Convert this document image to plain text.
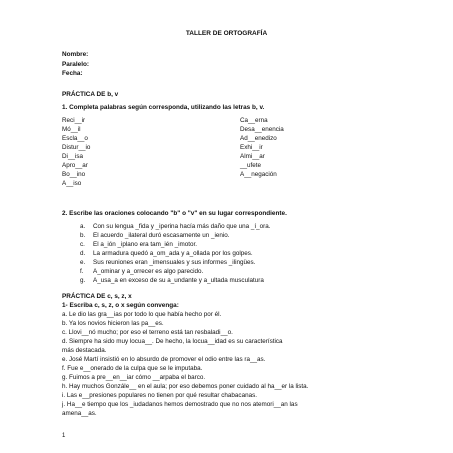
TALLER DE ORTOGRAFÍA
Nombre:
Paralelo:
Fecha:
PRÁCTICA DE b, v
1. Completa palabras según corresponda, utilizando las letras b, v.
Reci__ir
Mó__il
Escla__o
Distur__io
Di__isa
Apro__ar
Bo__ino
A__iso
Ca__erna
Desa__enencia
Ad__enedizo
Exhi__ir
Almi__ar
__ufete
A__negación
2. Escribe las oraciones colocando "b" o "v" en su lugar correspondiente.
a. Con su lengua _fida y _iperina hacía más daño que una _í_ora.
b. El acuerdo _ilateral duró escasamente un _ienio.
c. El a_ión _iplano era tam_ién _imotor.
d. La armadura quedó a_om_ada y a_ollada por los golpes.
e. Sus reuniones eran _imensuales y sus informes _ilingües.
f. A_ominar y a_orrecer es algo parecido.
g. A_usa_a en exceso de su a_undante y a_ultada musculatura
PRÁCTICA DE c, s, z, x
1- Escriba c, s, z, o x según convenga:
a. Le dio las gra__ias por todo lo que había hecho por él.
b. Ya los novios hicieron las pa__es.
c. Llovi__nó mucho; por eso el terreno está tan resbaladi__o.
d. Siempre ha sido muy locua__. De hecho, la locua__idad es su característica
más destacada.
e. José Martí insistió en lo absurdo de promover el odio entre las ra__as.
f. Fue e__onerado de la culpa que se le imputaba.
g. Fuimos a pre__en__iar cómo __arpaba el barco.
h. Hay muchos Gonzále__ en el aula; por eso debemos poner cuidado al ha__er la lista.
i. Las e__presiones populares no tienen por qué resultar chabacanas.
j. Ha__e tiempo que los _iudadanos hemos demostrado que no nos atemori__an las
amena__as.
1
